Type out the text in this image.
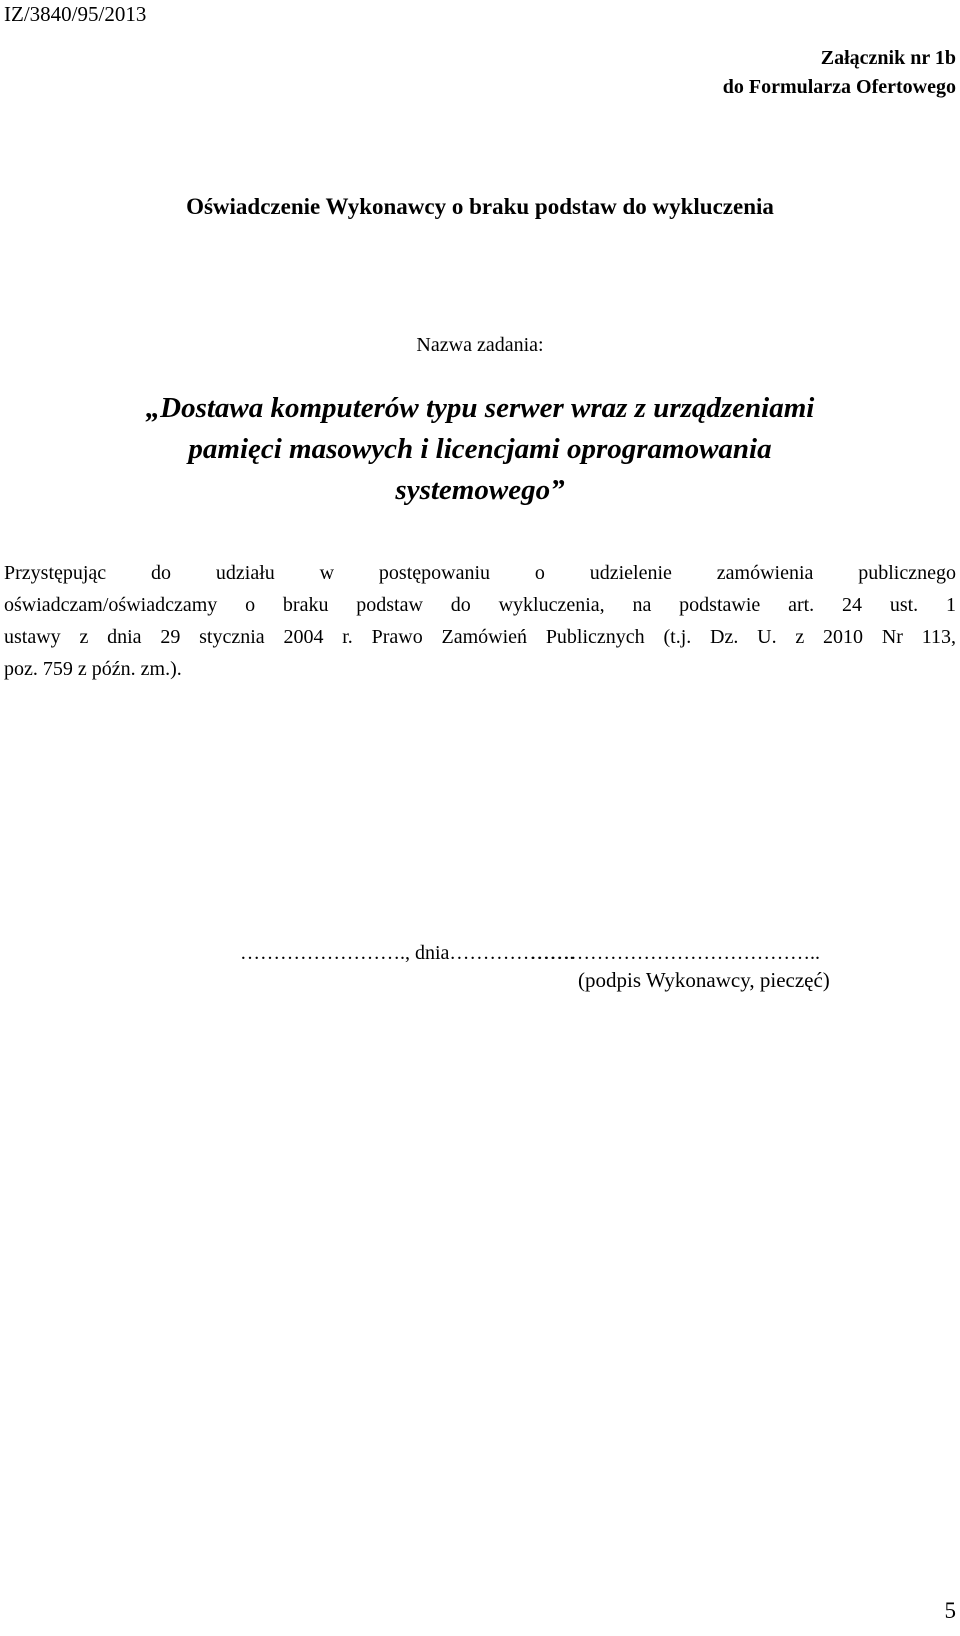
IZ/3840/95/2013
Załącznik nr 1b
do Formularza Ofertowego
Oświadczenie Wykonawcy o braku podstaw do wykluczenia
Nazwa zadania:
„Dostawa komputerów typu serwer wraz z urządzeniami
pamięci masowych i licencjami oprogramowania
systemowego”
Przystępując do udziału w postępowaniu o udzielenie zamówienia publicznego
oświadczam/oświadczamy o braku podstaw do wykluczenia, na podstawie art. 24 ust. 1
ustawy z dnia 29 stycznia 2004 r. Prawo Zamówień Publicznych (t.j. Dz. U. z 2010 Nr 113,
poz. 759 z późn. zm.).
……………………., dnia……………….
……………………………………..
(podpis Wykonawcy, pieczęć)
5
